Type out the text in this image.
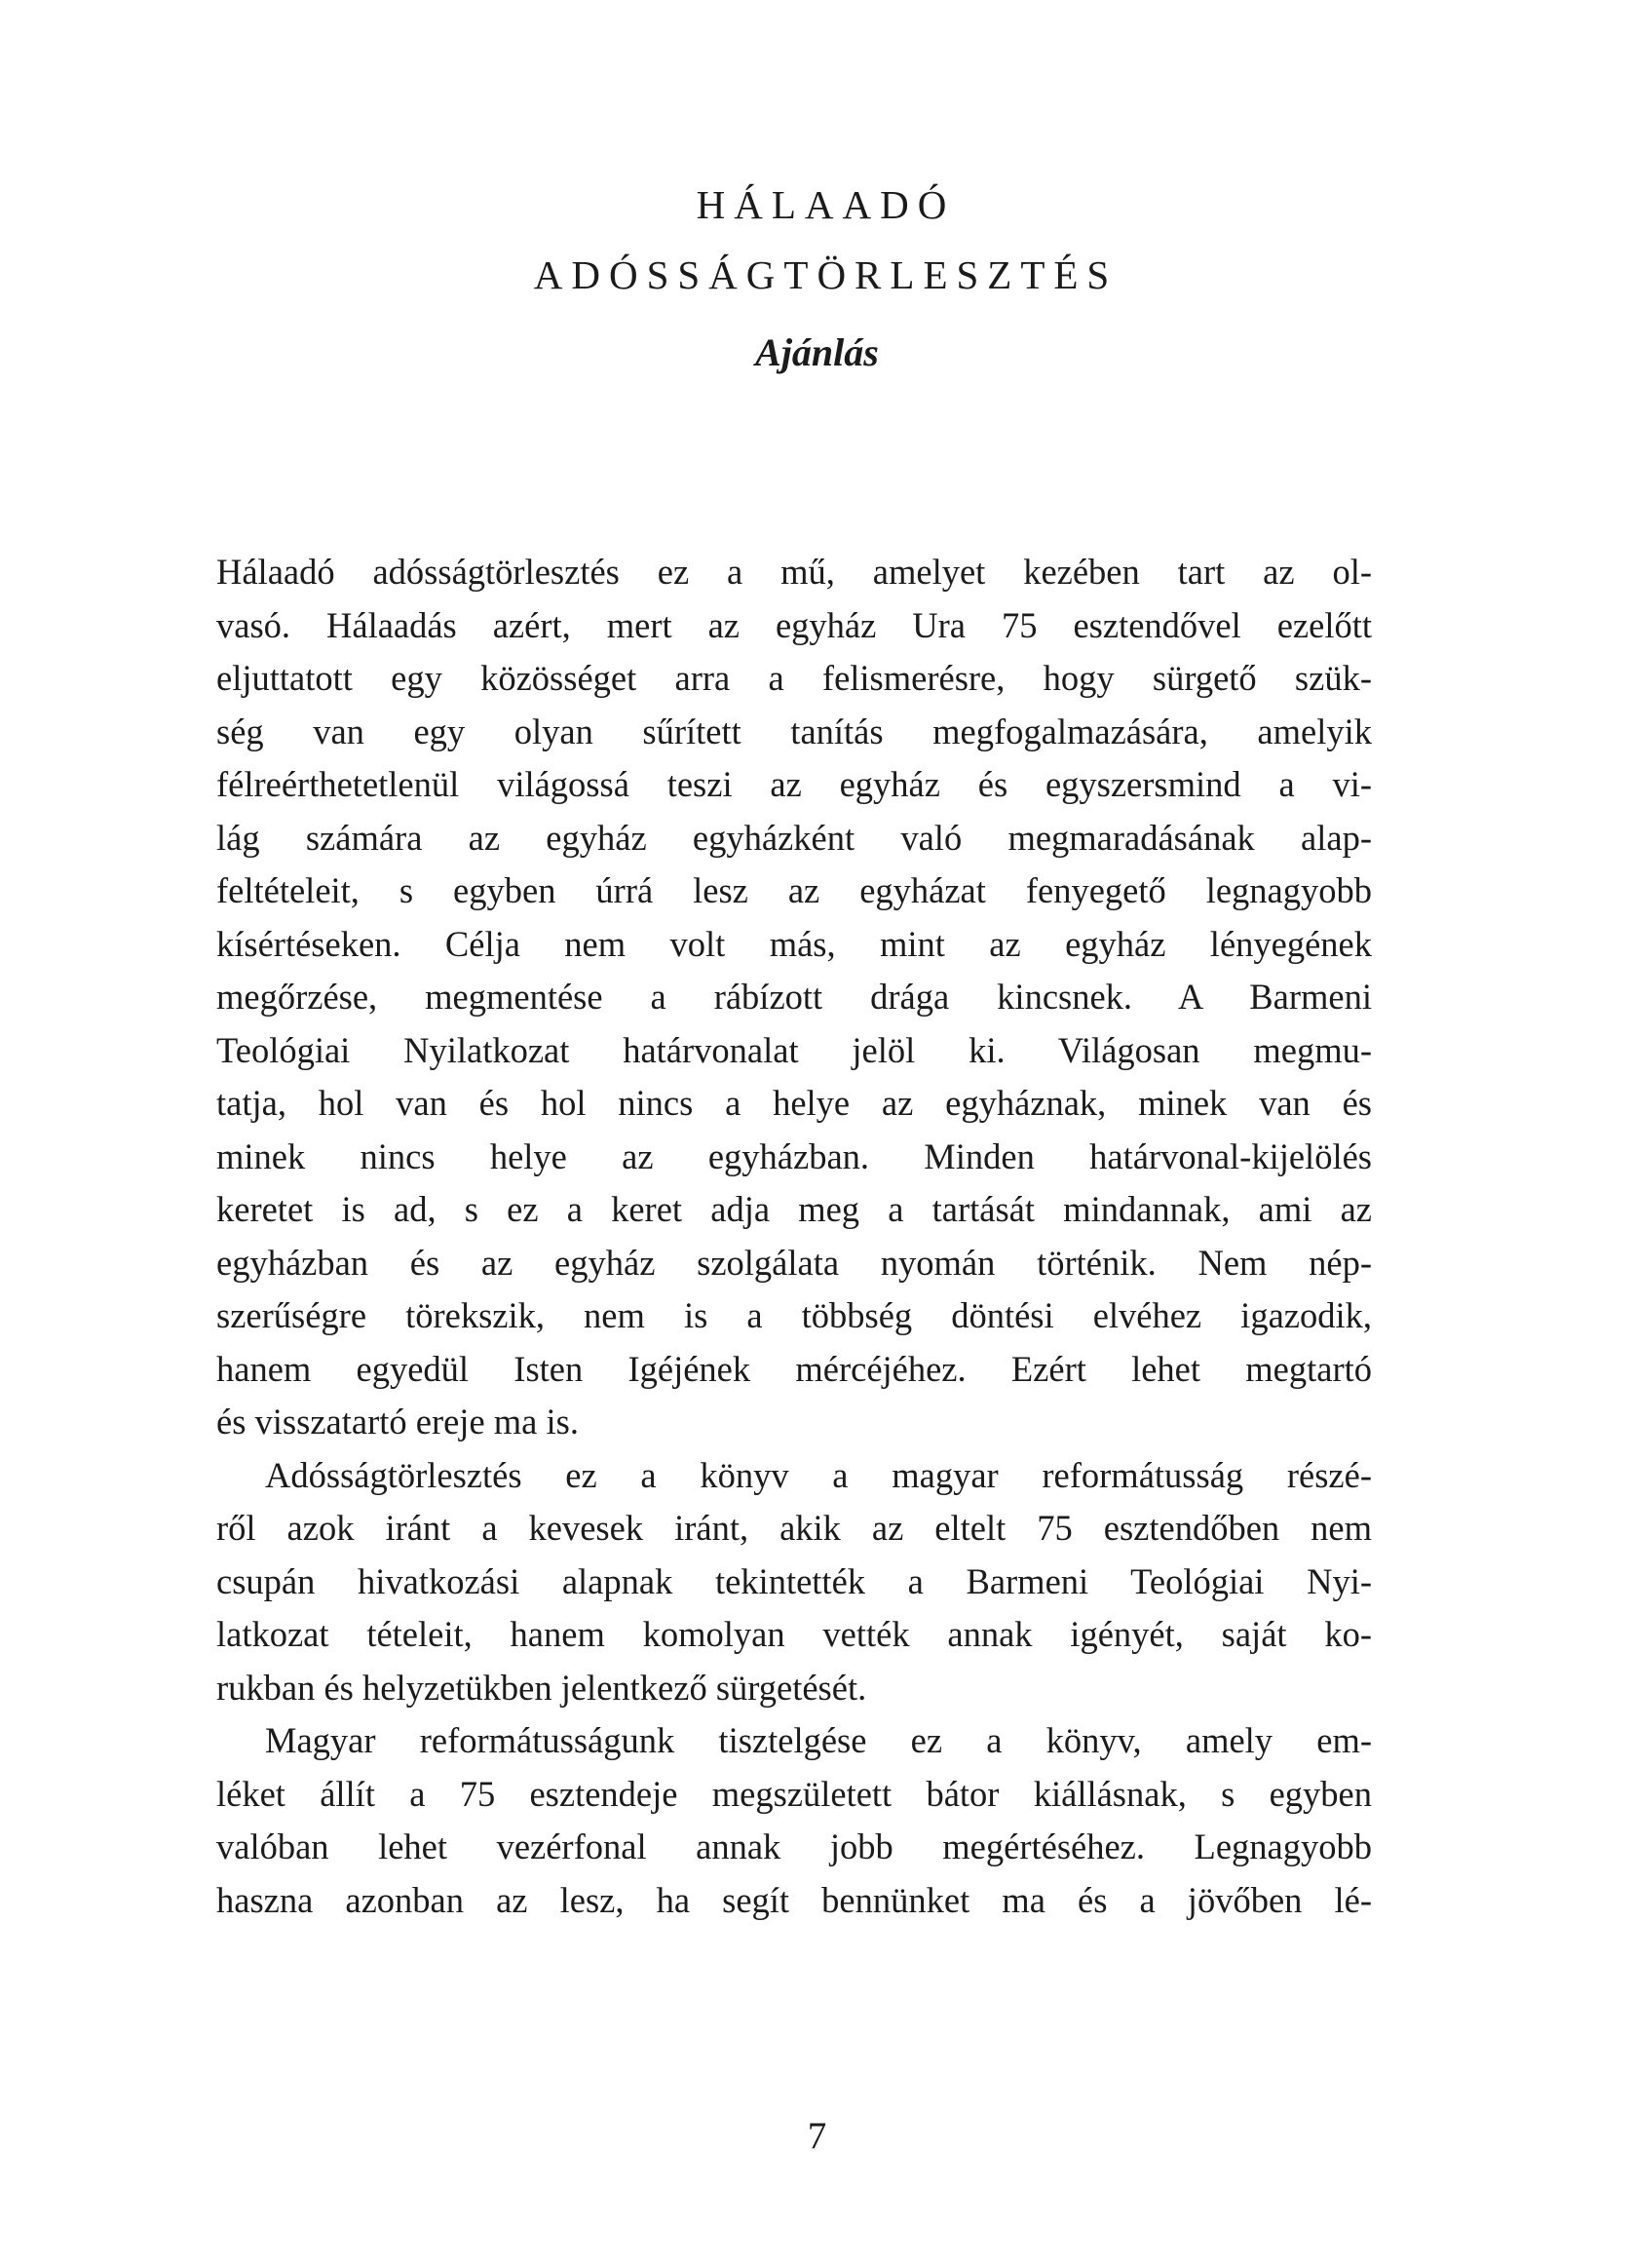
HÁLAADÓ
ADÓSSÁGTÖRLESZTÉS
Ajánlás
Hálaadó adósságtörlesztés ez a mű, amelyet kezében tart az ol-
vasó. Hálaadás azért, mert az egyház Ura 75 esztendővel ezelőtt
eljuttatott egy közösséget arra a felismerésre, hogy sürgető szük-
ség van egy olyan sűrített tanítás megfogalmazására, amelyik
félreérthetetlenül világossá teszi az egyház és egyszersmind a vi-
lág számára az egyház egyházként való megmaradásának alap-
feltételeit, s egyben úrrá lesz az egyházat fenyegető legnagyobb
kísértéseken. Célja nem volt más, mint az egyház lényegének
megőrzése, megmentése a rábízott drága kincsnek. A Barmeni
Teológiai Nyilatkozat határvonalat jelöl ki. Világosan megmu-
tatja, hol van és hol nincs a helye az egyháznak, minek van és
minek nincs helye az egyházban. Minden határvonal-kijelölés
keretet is ad, s ez a keret adja meg a tartását mindannak, ami az
egyházban és az egyház szolgálata nyomán történik. Nem nép-
szerűségre törekszik, nem is a többség döntési elvéhez igazodik,
hanem egyedül Isten Igéjének mércéjéhez. Ezért lehet megtartó
és visszatartó ereje ma is.
Adósságtörlesztés ez a könyv a magyar reformátusság részé-
ről azok iránt a kevesek iránt, akik az eltelt 75 esztendőben nem
csupán hivatkozási alapnak tekintették a Barmeni Teológiai Nyi-
latkozat tételeit, hanem komolyan vették annak igényét, saját ko-
rukban és helyzetükben jelentkező sürgetését.
Magyar reformátusságunk tisztelgése ez a könyv, amely em-
léket állít a 75 esztendeje megszületett bátor kiállásnak, s egyben
valóban lehet vezérfonal annak jobb megértéséhez. Legnagyobb
haszna azonban az lesz, ha segít bennünket ma és a jövőben lé-
7
